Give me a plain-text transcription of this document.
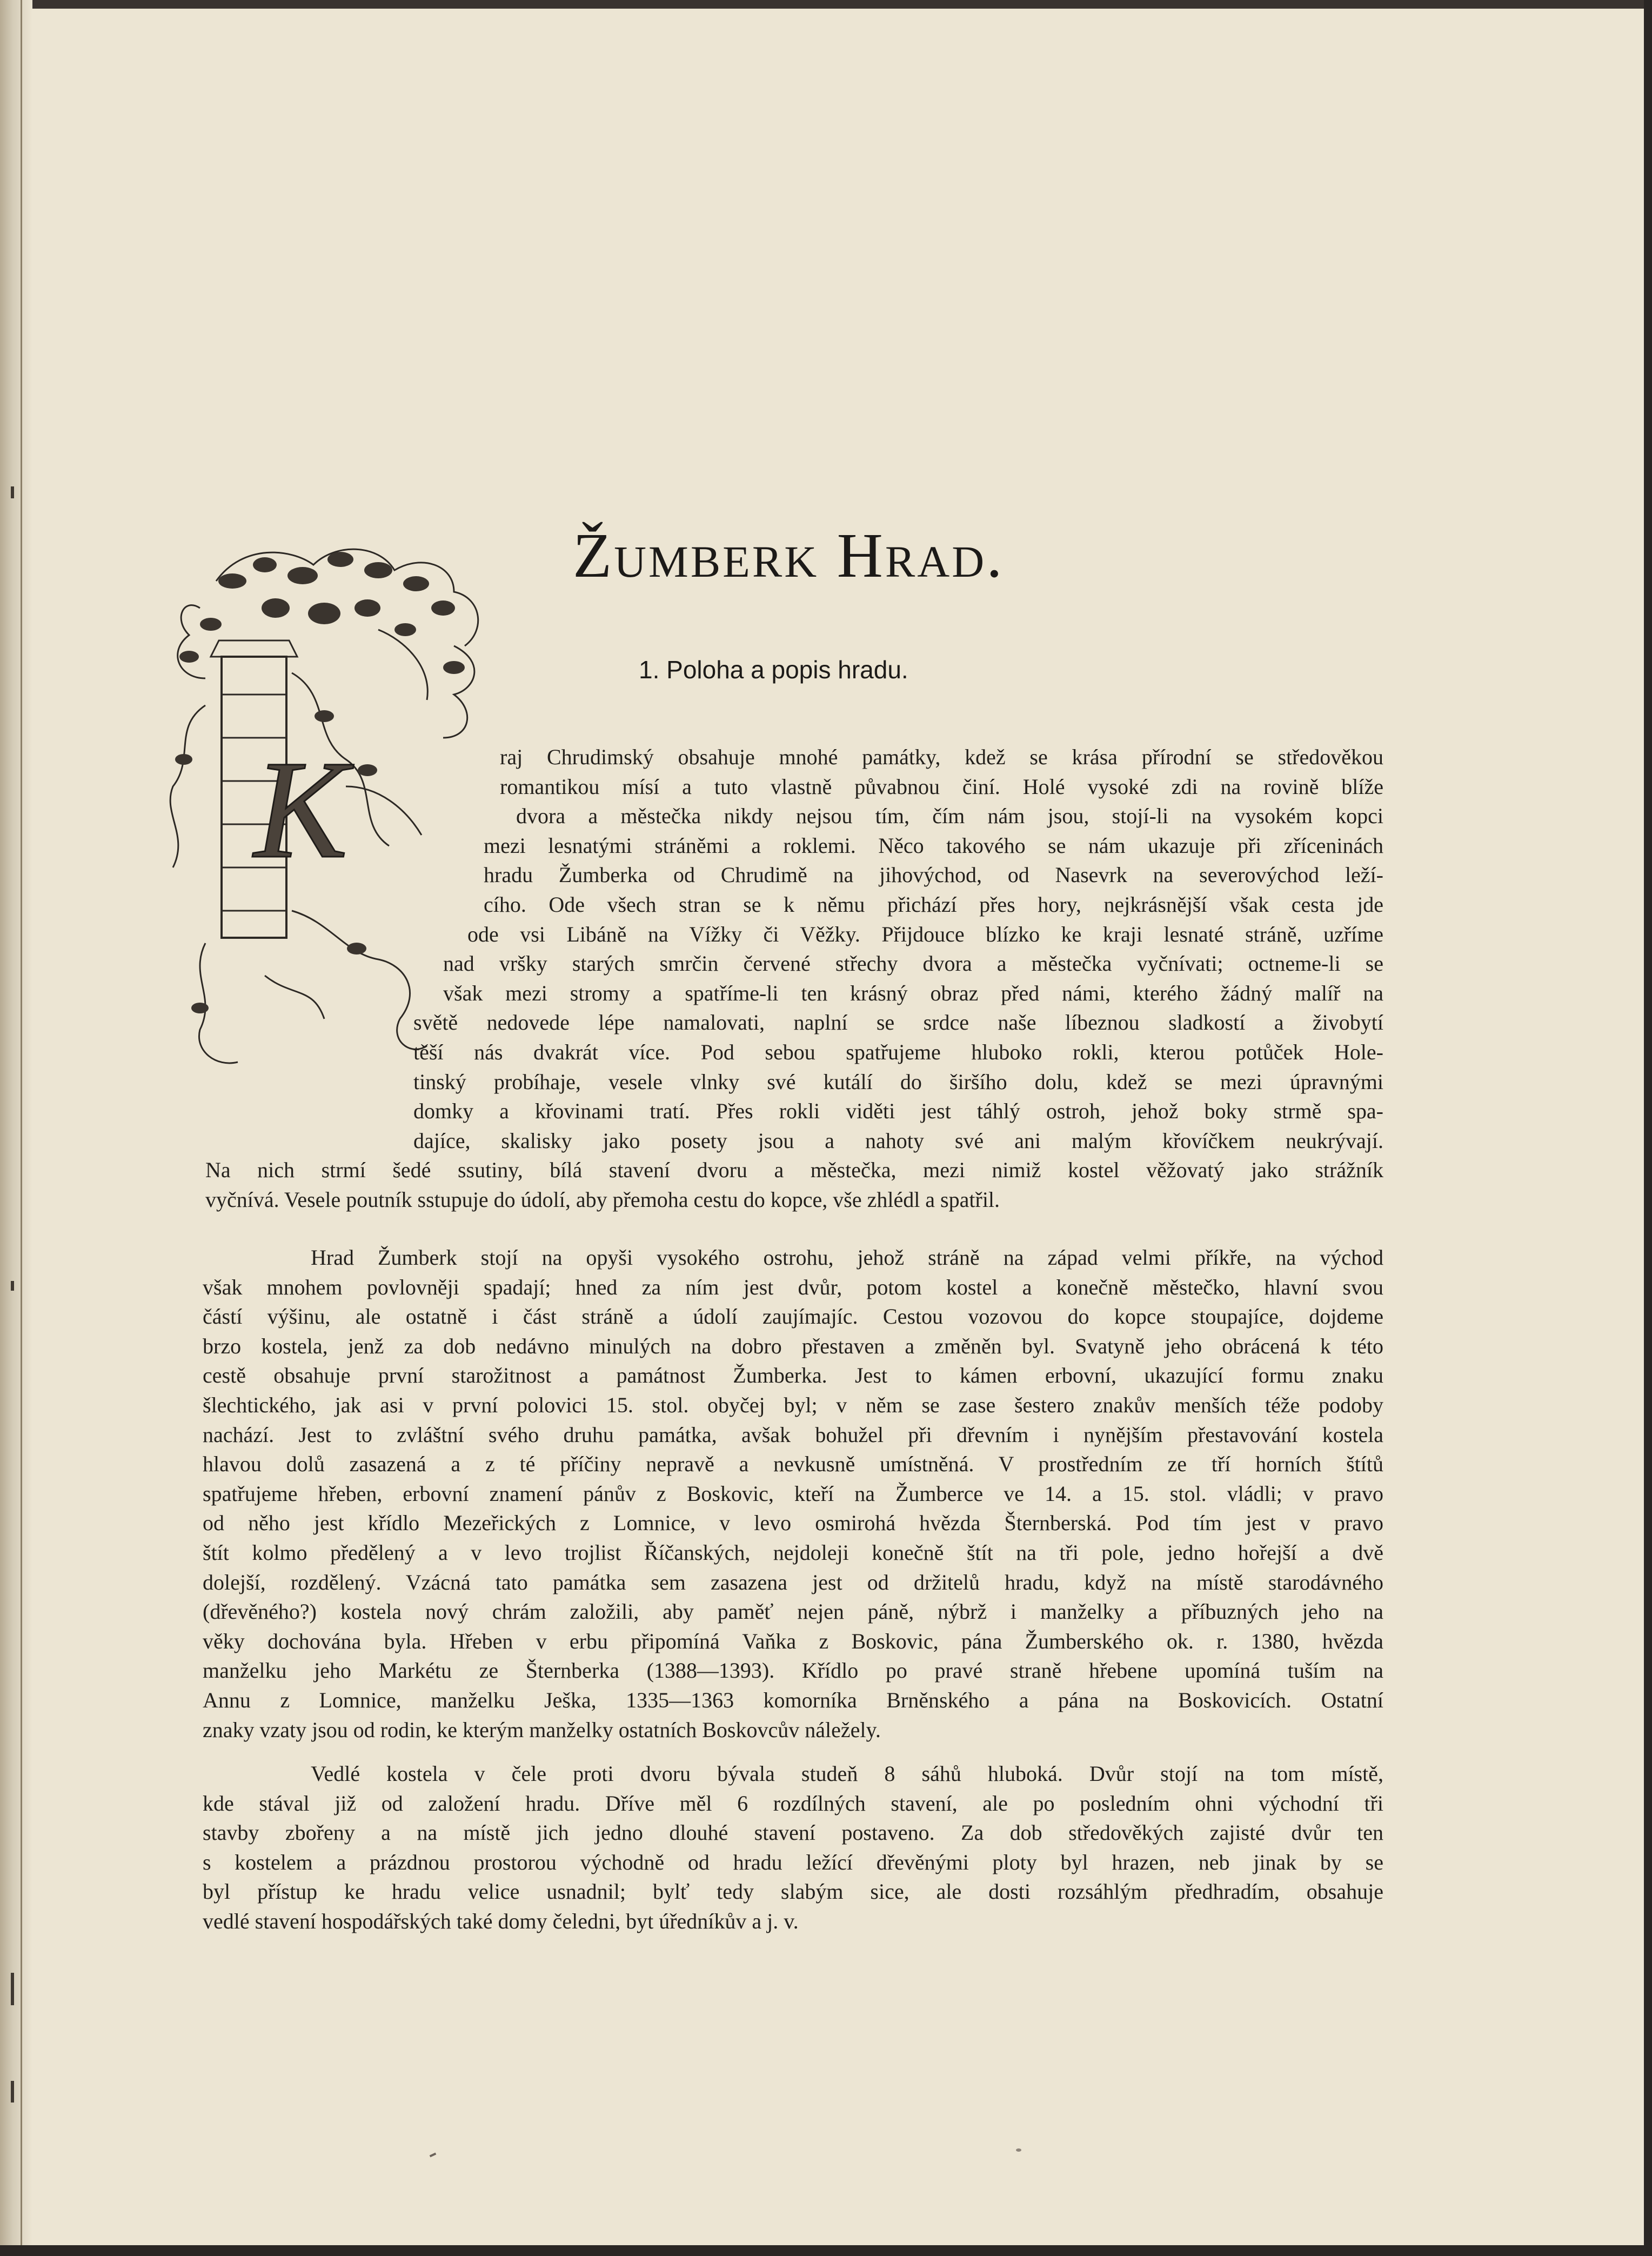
K
Žumberk Hrad.
1. Poloha a popis hradu.
raj Chrudimský obsahuje mnohé památky, kdež se krása přírodní se středověkou
romantikou mísí a tuto vlastně půvabnou činí. Holé vysoké zdi na rovině blíže
dvora a městečka nikdy nejsou tím, čím nám jsou, stojí-li na vysokém kopci
mezi lesnatými stráněmi a roklemi. Něco takového se nám ukazuje při zříceninách
hradu Žumberka od Chrudimě na jihovýchod, od Nasevrk na severovýchod leží-
cího. Ode všech stran se k němu přichází přes hory, nejkrásnější však cesta jde
ode vsi Libáně na Vížky či Věžky. Přijdouce blízko ke kraji lesnaté stráně, uzříme
nad vršky starých smrčin červené střechy dvora a městečka vyčnívati; octneme-li se
však mezi stromy a spatříme-li ten krásný obraz před námi, kterého žádný malíř na
světě nedovede lépe namalovati, naplní se srdce naše líbeznou sladkostí a živobytí
těší nás dvakrát více. Pod sebou spatřujeme hluboko rokli, kterou potůček Hole-
tinský probíhaje, vesele vlnky své kutálí do širšího dolu, kdež se mezi úpravnými
domky a křovinami tratí. Přes rokli viděti jest táhlý ostroh, jehož boky strmě spa-
dajíce, skalisky jako posety jsou a nahoty své ani malým křovíčkem neukrývají.
Na nich strmí šedé ssutiny, bílá stavení dvoru a městečka, mezi nimiž kostel věžovatý jako strážník
vyčnívá. Vesele poutník sstupuje do údolí, aby přemoha cestu do kopce, vše zhlédl a spatřil.
Hrad Žumberk stojí na opyši vysokého ostrohu, jehož stráně na západ velmi příkře, na východ
však mnohem povlovněji spadají; hned za ním jest dvůr, potom kostel a konečně městečko, hlavní svou
částí výšinu, ale ostatně i část stráně a údolí zaujímajíc. Cestou vozovou do kopce stoupajíce, dojdeme
brzo kostela, jenž za dob nedávno minulých na dobro přestaven a změněn byl. Svatyně jeho obrácená k této
cestě obsahuje první starožitnost a památnost Žumberka. Jest to kámen erbovní, ukazující formu znaku
šlechtického, jak asi v první polovici 15. stol. obyčej byl; v něm se zase šestero znakův menších téže podoby
nachází. Jest to zvláštní svého druhu památka, avšak bohužel při dřevním i nynějším přestavování kostela
hlavou dolů zasazená a z té příčiny nepravě a nevkusně umístněná. V prostředním ze tří horních štítů
spatřujeme hřeben, erbovní znamení pánův z Boskovic, kteří na Žumberce ve 14. a 15. stol. vládli; v pravo
od něho jest křídlo Mezeřických z Lomnice, v levo osmirohá hvězda Šternberská. Pod tím jest v pravo
štít kolmo předělený a v levo trojlist Říčanských, nejdoleji konečně štít na tři pole, jedno hořejší a dvě
dolejší, rozdělený. Vzácná tato památka sem zasazena jest od držitelů hradu, když na místě starodávného
(dřevěného?) kostela nový chrám založili, aby paměť nejen páně, nýbrž i manželky a příbuzných jeho na
věky dochována byla. Hřeben v erbu připomíná Vaňka z Boskovic, pána Žumberského ok. r. 1380, hvězda
manželku jeho Markétu ze Šternberka (1388—1393). Křídlo po pravé straně hřebene upomíná tuším na
Annu z Lomnice, manželku Ješka, 1335—1363 komorníka Brněnského a pána na Boskovicích. Ostatní
znaky vzaty jsou od rodin, ke kterým manželky ostatních Boskovcův náležely.
Vedlé kostela v čele proti dvoru bývala studeň 8 sáhů hluboká. Dvůr stojí na tom místě,
kde stával již od založení hradu. Dříve měl 6 rozdílných stavení, ale po posledním ohni východní tři
stavby zbořeny a na místě jich jedno dlouhé stavení postaveno. Za dob středověkých zajisté dvůr ten
s kostelem a prázdnou prostorou východně od hradu ležící dřevěnými ploty byl hrazen, neb jinak by se
byl přístup ke hradu velice usnadnil; bylť tedy slabým sice, ale dosti rozsáhlým předhradím, obsahuje
vedlé stavení hospodářských také domy čeledni, byt úředníkův a j. v.
